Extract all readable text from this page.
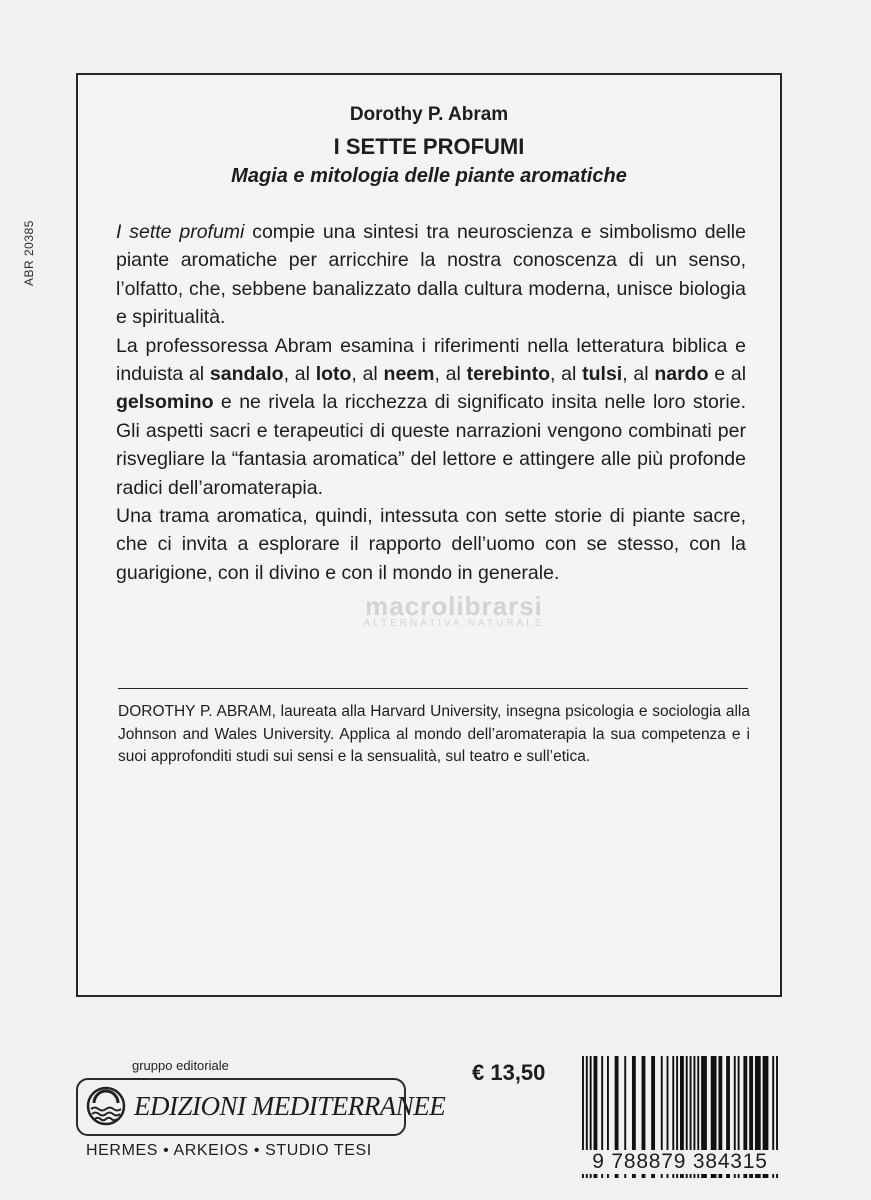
ABR 20385
Dorothy P. Abram
I SETTE PROFUMI
Magia e mitologia delle piante aromatiche

I sette profumi compie una sintesi tra neuroscienza e simbolismo delle piante aromatiche per arricchire la nostra conoscenza di un senso, l’olfatto, che, sebbene banalizzato dalla cultura moderna, unisce biologia e spiritualità.

La professoressa Abram esamina i riferimenti nella letteratura biblica e induista al sandalo, al loto, al neem, al terebinto, al tulsi, al nardo e al gelsomino e ne rivela la ricchezza di significato insita nelle loro storie. Gli aspetti sacri e terapeutici di queste narrazioni vengono combinati per risvegliare la “fantasia aromatica” del lettore e attingere alle più profonde radici dell’aromaterapia.

Una trama aromatica, quindi, intessuta con sette storie di piante sacre, che ci invita a esplorare il rapporto dell’uomo con se stesso, con la guarigione, con il divino e con il mondo in generale.

macrolibrarsi
ALTERNATIVA NATURALE
DOROTHY P. ABRAM, laureata alla Harvard University, insegna psicologia e sociologia alla Johnson and Wales University. Applica al mondo dell’aromaterapia la sua competenza e i suoi approfonditi studi sui sensi e la sensualità, sul teatro e sull’etica.
gruppo editoriale
EDIZIONI MEDITERRANEE
HERMES • ARKEIOS • STUDIO TESI
€ 13,50
9 788879 384315
